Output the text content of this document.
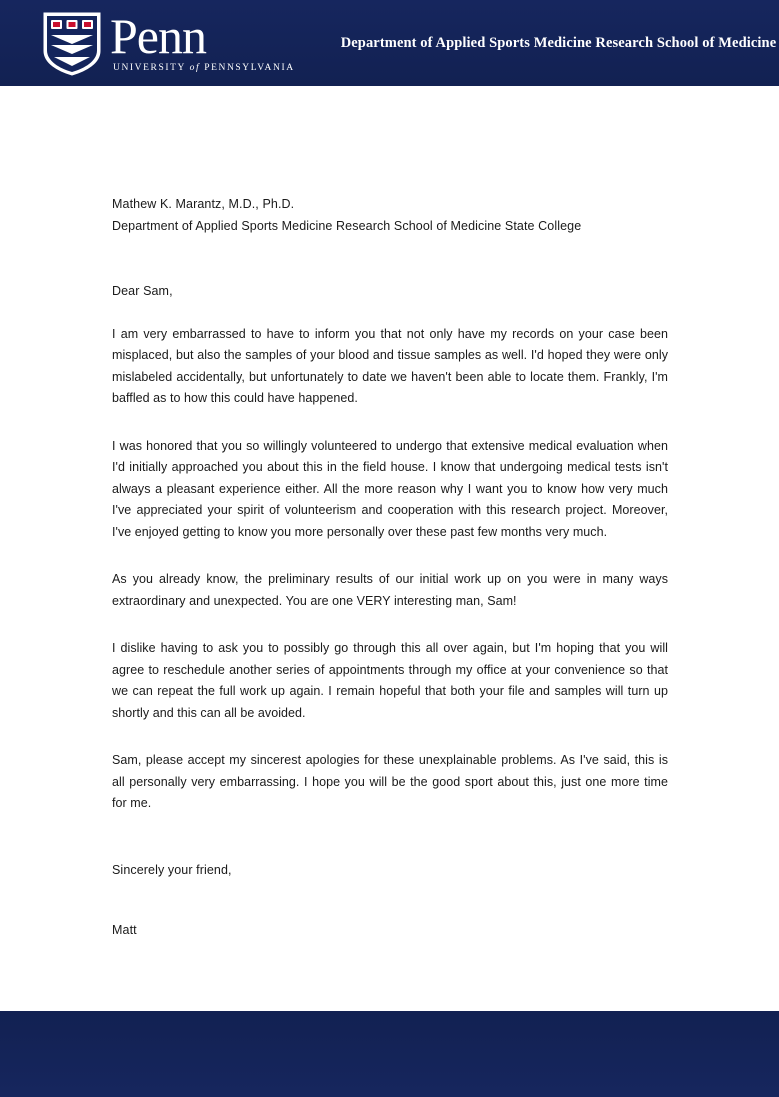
Penn
UNIVERSITY of PENNSYLVANIA
Department of Applied Sports Medicine Research School of Medicine
Mathew K. Marantz, M.D., Ph.D.
Department of Applied Sports Medicine Research School of Medicine State College
Dear Sam,

I am very embarrassed to have to inform you that not only have my records on your case been misplaced, but also the samples of your blood and tissue samples as well. I'd hoped they were only mislabeled accidentally, but unfortunately to date we haven't been able to locate them. Frankly, I'm baffled as to how this could have happened.

I was honored that you so willingly volunteered to undergo that extensive medical evaluation when I'd initially approached you about this in the field house. I know that undergoing medical tests isn't always a pleasant experience either. All the more reason why I want you to know how very much I've appreciated your spirit of volunteerism and cooperation with this research project. Moreover, I've enjoyed getting to know you more personally over these past few months very much.

As you already know, the preliminary results of our initial work up on you were in many ways extraordinary and unexpected. You are one VERY interesting man, Sam!

I dislike having to ask you to possibly go through this all over again, but I'm hoping that you will agree to reschedule another series of appointments through my office at your convenience so that we can repeat the full work up again. I remain hopeful that both your file and samples will turn up shortly and this can all be avoided.

Sam, please accept my sincerest apologies for these unexplainable problems. As I've said, this is all personally very embarrassing. I hope you will be the good sport about this, just one more time for me.

Sincerely your friend,
Matt
